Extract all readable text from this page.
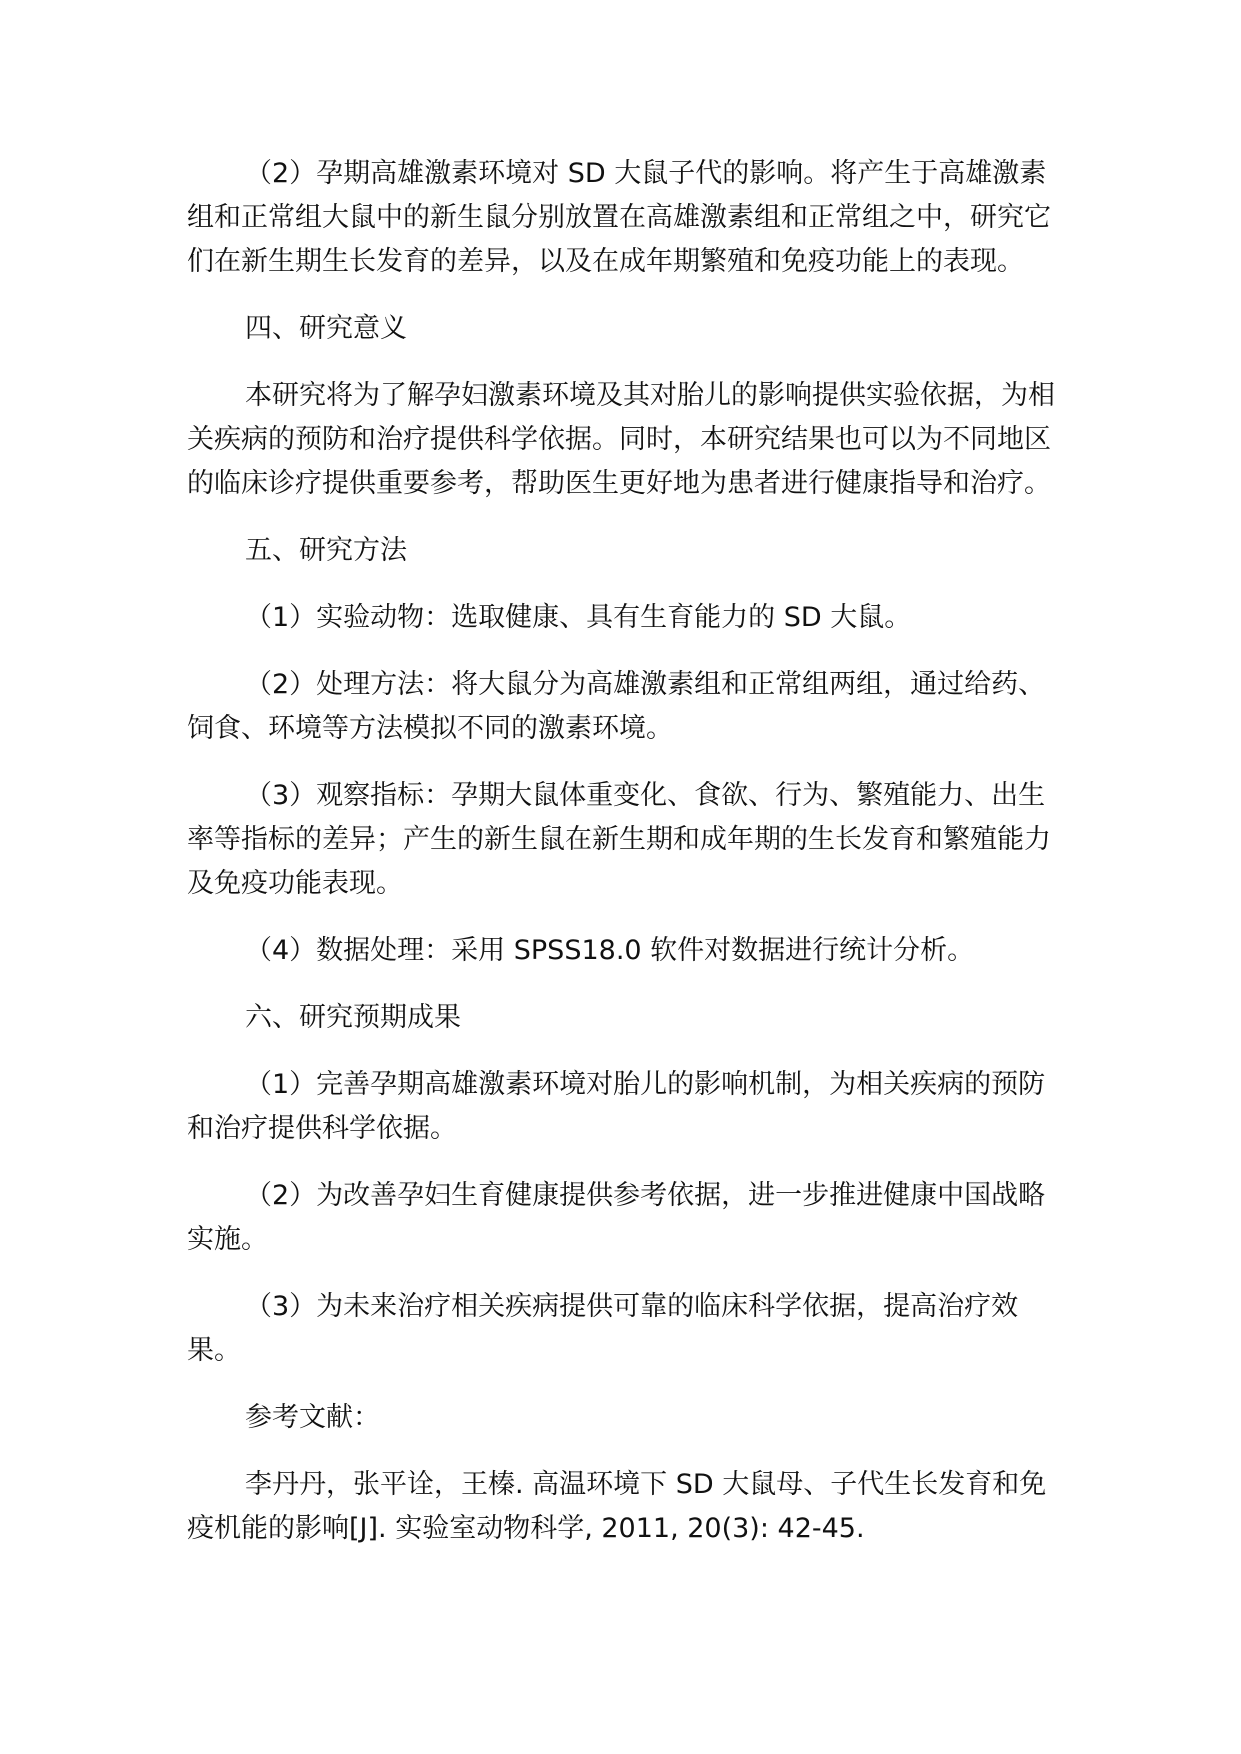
（2）孕期高雄激素环境对 SD 大鼠子代的影响。将产生于高雄激素组和正常组大鼠中的新生鼠分别放置在高雄激素组和正常组之中，研究它们在新生期生长发育的差异，以及在成年期繁殖和免疫功能上的表现。

四、研究意义

本研究将为了解孕妇激素环境及其对胎儿的影响提供实验依据，为相关疾病的预防和治疗提供科学依据。同时，本研究结果也可以为不同地区的临床诊疗提供重要参考，帮助医生更好地为患者进行健康指导和治疗。

五、研究方法

（1）实验动物：选取健康、具有生育能力的 SD 大鼠。

（2）处理方法：将大鼠分为高雄激素组和正常组两组，通过给药、饲食、环境等方法模拟不同的激素环境。

（3）观察指标：孕期大鼠体重变化、食欲、行为、繁殖能力、出生率等指标的差异；产生的新生鼠在新生期和成年期的生长发育和繁殖能力及免疫功能表现。

（4）数据处理：采用 SPSS18.0 软件对数据进行统计分析。

六、研究预期成果

（1）完善孕期高雄激素环境对胎儿的影响机制，为相关疾病的预防和治疗提供科学依据。

（2）为改善孕妇生育健康提供参考依据，进一步推进健康中国战略实施。

（3）为未来治疗相关疾病提供可靠的临床科学依据，提高治疗效果。

参考文献：

李丹丹，张平诠，王榛. 高温环境下 SD 大鼠母、子代生长发育和免疫机能的影响[J]. 实验室动物科学, 2011, 20(3): 42-45.
